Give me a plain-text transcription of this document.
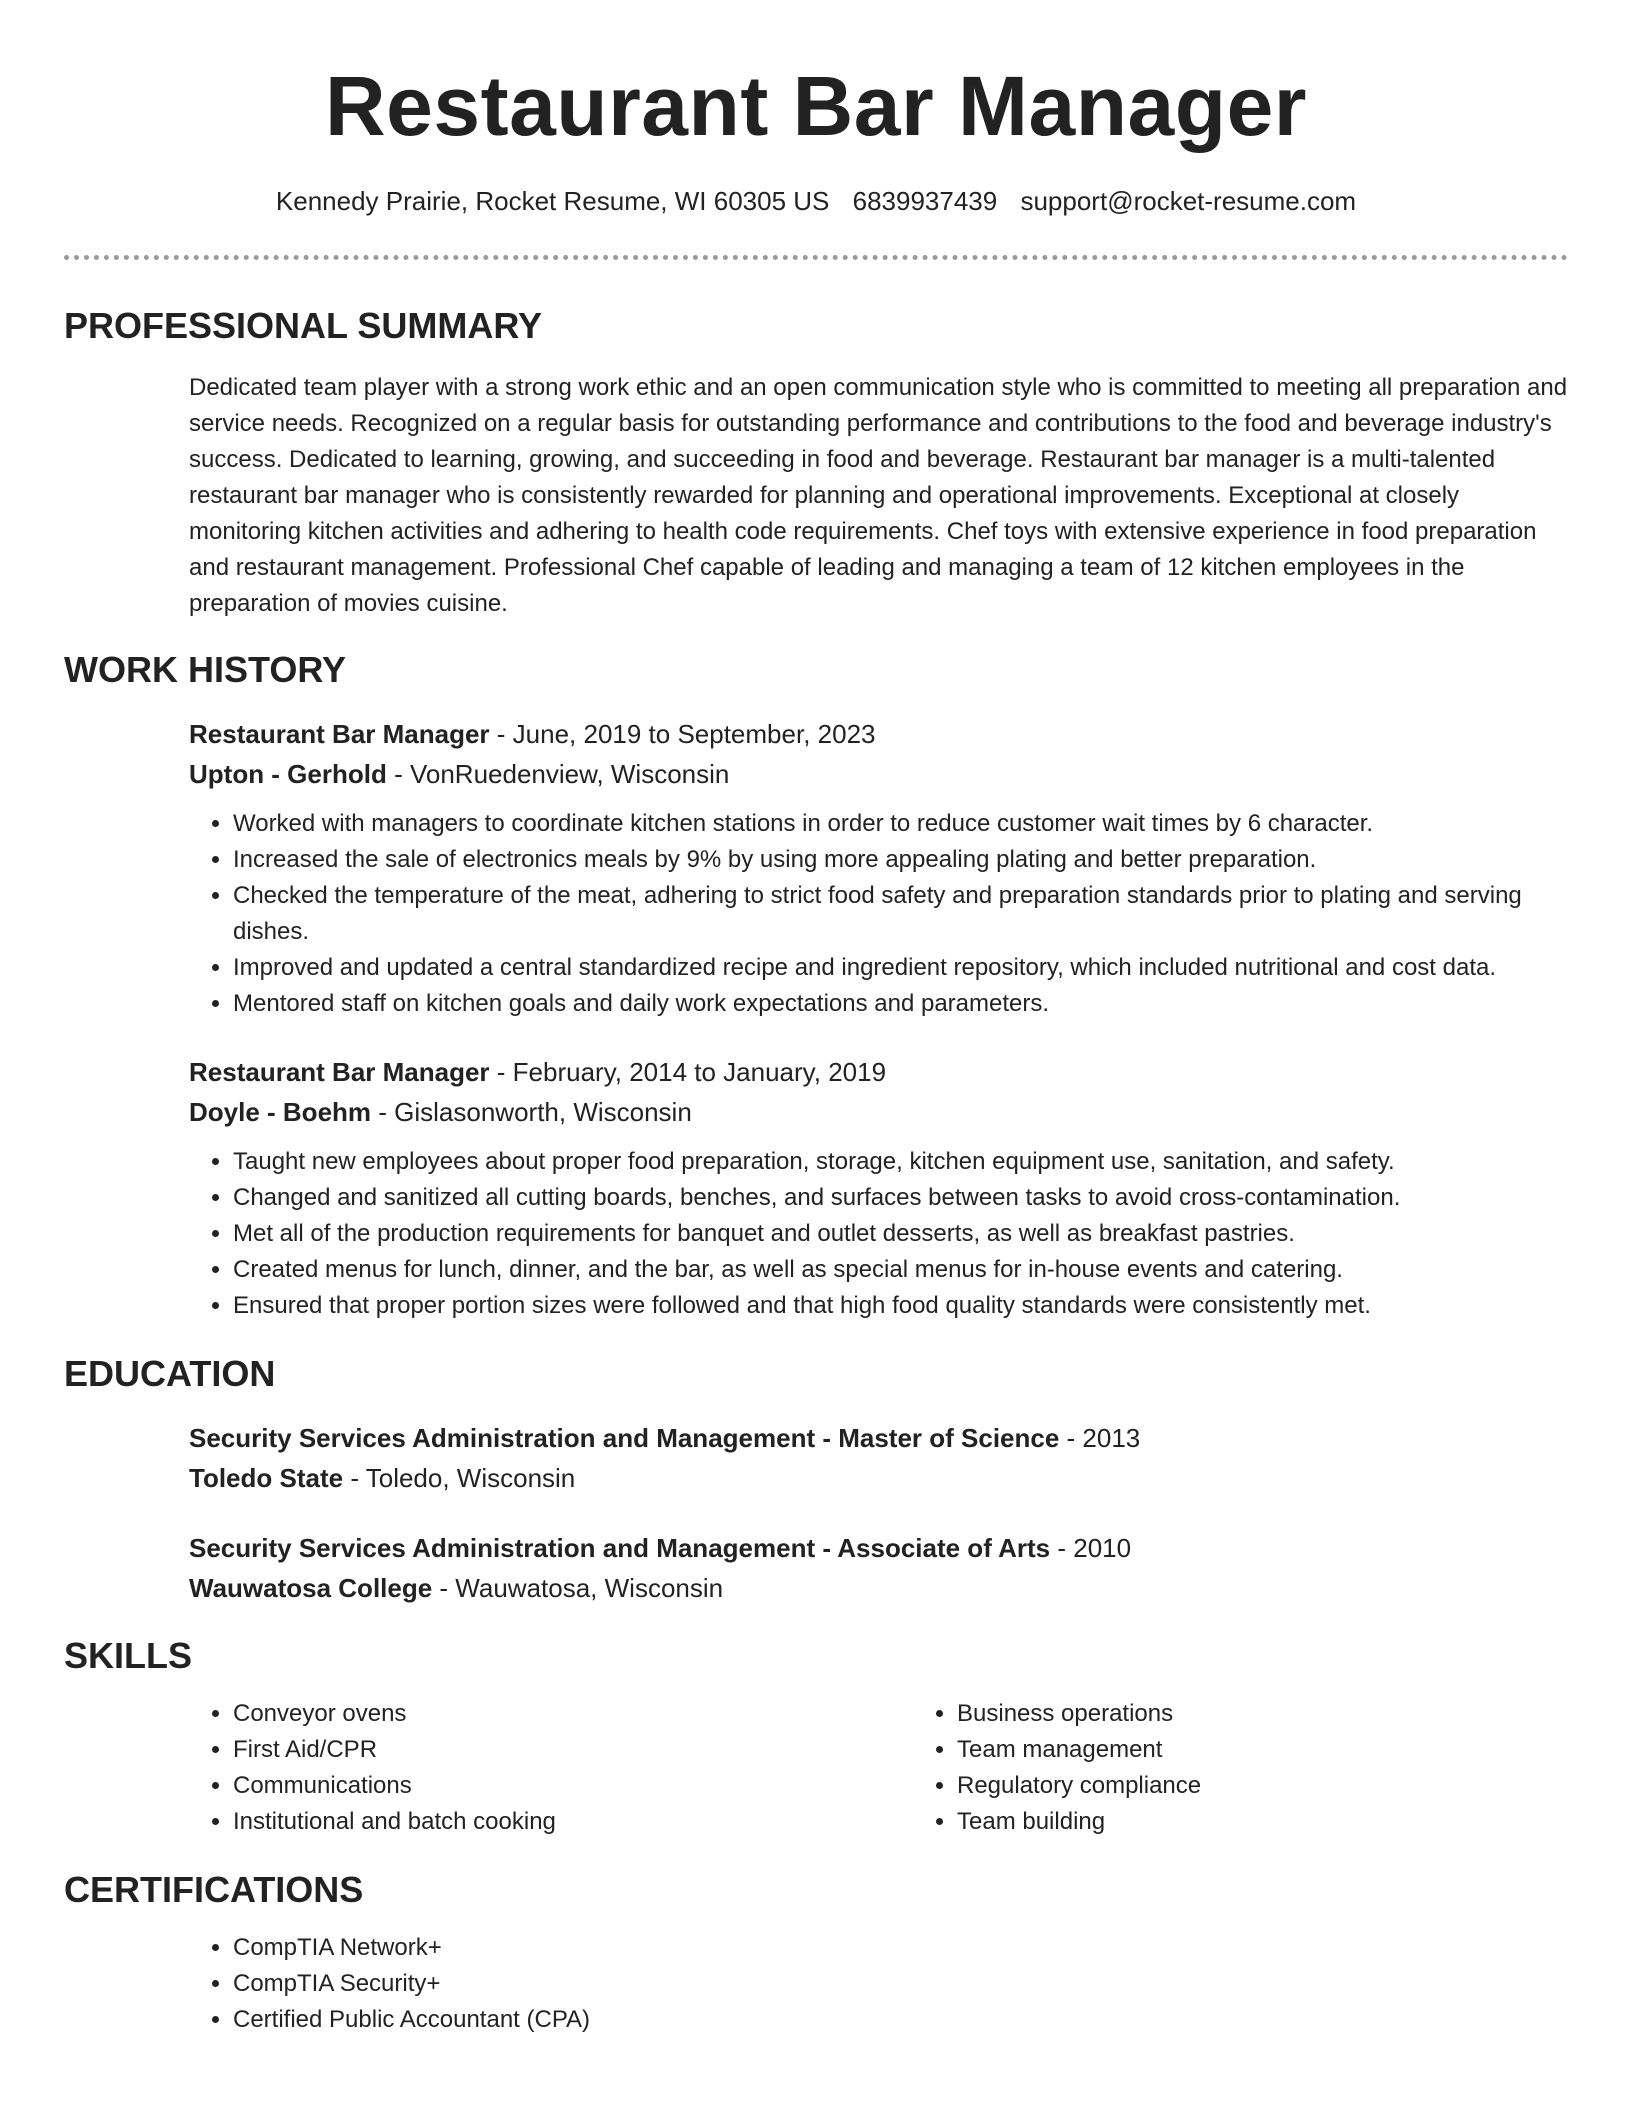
Restaurant Bar Manager
Kennedy Prairie, Rocket Resume, WI 60305 US 6839937439 support@rocket-resume.com
PROFESSIONAL SUMMARY

Dedicated team player with a strong work ethic and an open communication style who is committed to meeting all preparation and service needs. Recognized on a regular basis for outstanding performance and contributions to the food and beverage industry's success. Dedicated to learning, growing, and succeeding in food and beverage. Restaurant bar manager is a multi-talented restaurant bar manager who is consistently rewarded for planning and operational improvements. Exceptional at closely monitoring kitchen activities and adhering to health code requirements. Chef toys with extensive experience in food preparation and restaurant management. Professional Chef capable of leading and managing a team of 12 kitchen employees in the preparation of movies cuisine.

WORK HISTORY
Restaurant Bar Manager - June, 2019 to September, 2023
Upton - Gerhold - VonRuedenview, Wisconsin
• Worked with managers to coordinate kitchen stations in order to reduce customer wait times by 6 character.
• Increased the sale of electronics meals by 9% by using more appealing plating and better preparation.
• Checked the temperature of the meat, adhering to strict food safety and preparation standards prior to plating and serving dishes.
• Improved and updated a central standardized recipe and ingredient repository, which included nutritional and cost data.
• Mentored staff on kitchen goals and daily work expectations and parameters.
Restaurant Bar Manager - February, 2014 to January, 2019
Doyle - Boehm - Gislasonworth, Wisconsin
• Taught new employees about proper food preparation, storage, kitchen equipment use, sanitation, and safety.
• Changed and sanitized all cutting boards, benches, and surfaces between tasks to avoid cross-contamination.
• Met all of the production requirements for banquet and outlet desserts, as well as breakfast pastries.
• Created menus for lunch, dinner, and the bar, as well as special menus for in-house events and catering.
• Ensured that proper portion sizes were followed and that high food quality standards were consistently met.
EDUCATION
Security Services Administration and Management - Master of Science - 2013
Toledo State - Toledo, Wisconsin
Security Services Administration and Management - Associate of Arts - 2010
Wauwatosa College - Wauwatosa, Wisconsin
SKILLS
• Conveyor ovens
• First Aid/CPR
• Communications
• Institutional and batch cooking
• Business operations
• Team management
• Regulatory compliance
• Team building
CERTIFICATIONS
• CompTIA Network+
• CompTIA Security+
• Certified Public Accountant (CPA)
